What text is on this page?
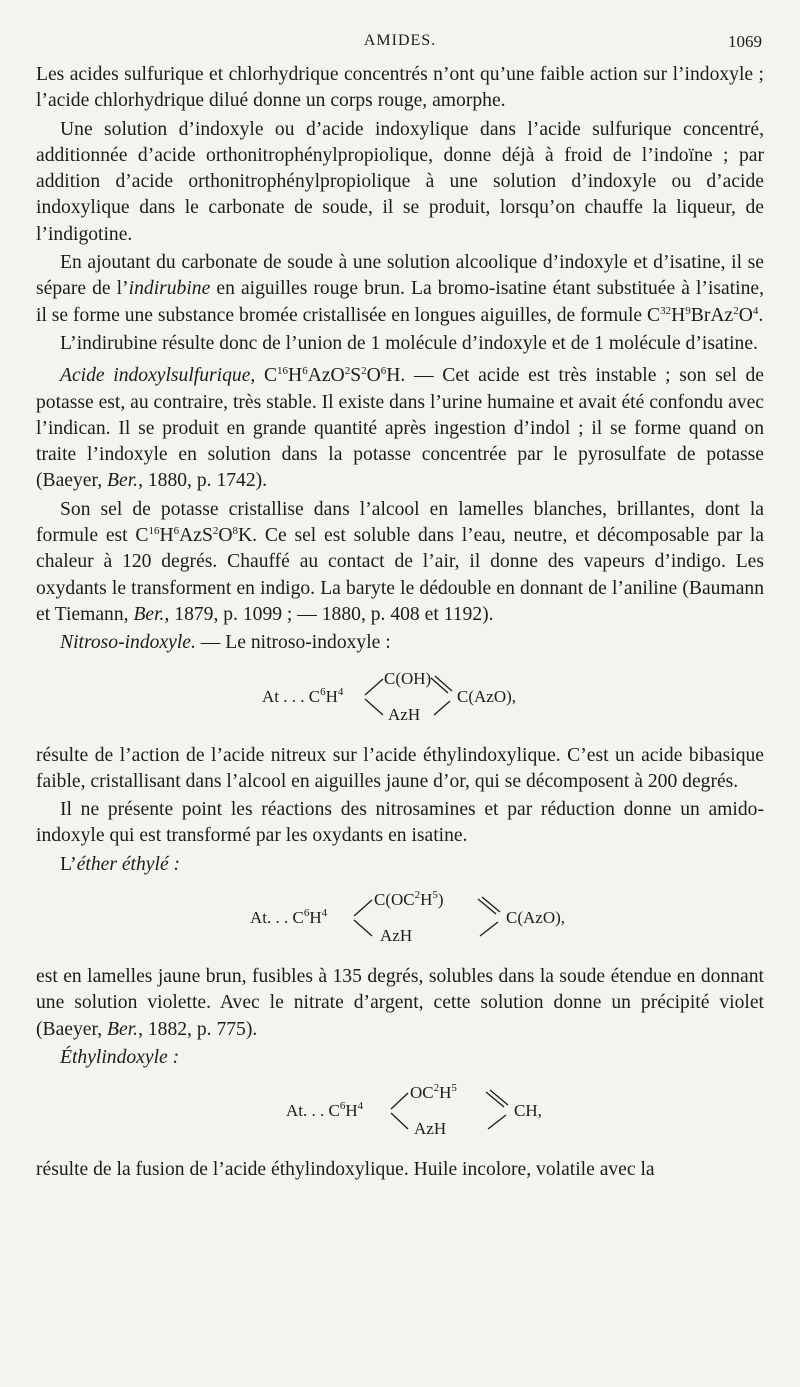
AMIDES.	1069

Les acides sulfurique et chlorhydrique concentrés n’ont qu’une faible action sur l’indoxyle ; l’acide chlorhydrique dilué donne un corps rouge, amorphe.

Une solution d’indoxyle ou d’acide indoxylique dans l’acide sulfurique concentré, additionnée d’acide orthonitrophénylpropiolique, donne déjà à froid de l’indoïne ; par addition d’acide orthonitrophénylpropiolique à une solution d’indoxyle ou d’acide indoxylique dans le carbonate de soude, il se produit, lorsqu’on chauffe la liqueur, de l’indigotine.

En ajoutant du carbonate de soude à une solution alcoolique d’indoxyle et d’isatine, il se sépare de l’indirubine en aiguilles rouge brun. La bromo-isatine étant substituée à l’isatine, il se forme une substance bromée cristallisée en longues aiguilles, de formule $C^{32}H^9BrAz^2O^4$.

L’indirubine résulte donc de l’union de 1 molécule d’indoxyle et de 1 molécule d’isatine.

Acide indoxylsulfurique, $C^{16}H^6AzO^2S^2O^6H$. — Cet acide est très instable ; son sel de potasse est, au contraire, très stable. Il existe dans l’urine humaine et avait été confondu avec l’indican. Il se produit en grande quantité après ingestion d’indol ; il se forme quand on traite l’indoxyle en solution dans la potasse concentrée par le pyrosulfate de potasse (Baeyer, Ber., 1880, p. 1742).

Son sel de potasse cristallise dans l’alcool en lamelles blanches, brillantes, dont la formule est $C^{16}H^6AzS^2O^8K$. Ce sel est soluble dans l’eau, neutre, et décomposable par la chaleur à 120 degrés. Chauffé au contact de l’air, il donne des vapeurs d’indigo. Les oxydants le transforment en indigo. La baryte le dédouble en donnant de l’aniline (Baumann et Tiemann, Ber., 1879, p. 1099 ; — 1880, p. 408 et 1192).

Nitroso-indoxyle. — Le nitroso-indoxyle :

At . . . $C^6H^4$
C(OH)
AzH
C(AzO),

résulte de l’action de l’acide nitreux sur l’acide éthylindoxylique. C’est un acide bibasique faible, cristallisant dans l’alcool en aiguilles jaune d’or, qui se décomposent à 200 degrés.

Il ne présente point les réactions des nitrosamines et par réduction donne un amido-indoxyle qui est transformé par les oxydants en isatine.

L’éther éthylé :

At. . . $C^6H^4$
$C(OC^2H^5)$
AzH
C(AzO),

est en lamelles jaune brun, fusibles à 135 degrés, solubles dans la soude étendue en donnant une solution violette. Avec le nitrate d’argent, cette solution donne un précipité violet (Baeyer, Ber., 1882, p. 775).

Éthylindoxyle :

At. . . $C^6H^4$
$OC^2H^5$
AzH
CH,

résulte de la fusion de l’acide éthylindoxylique. Huile incolore, volatile avec la
